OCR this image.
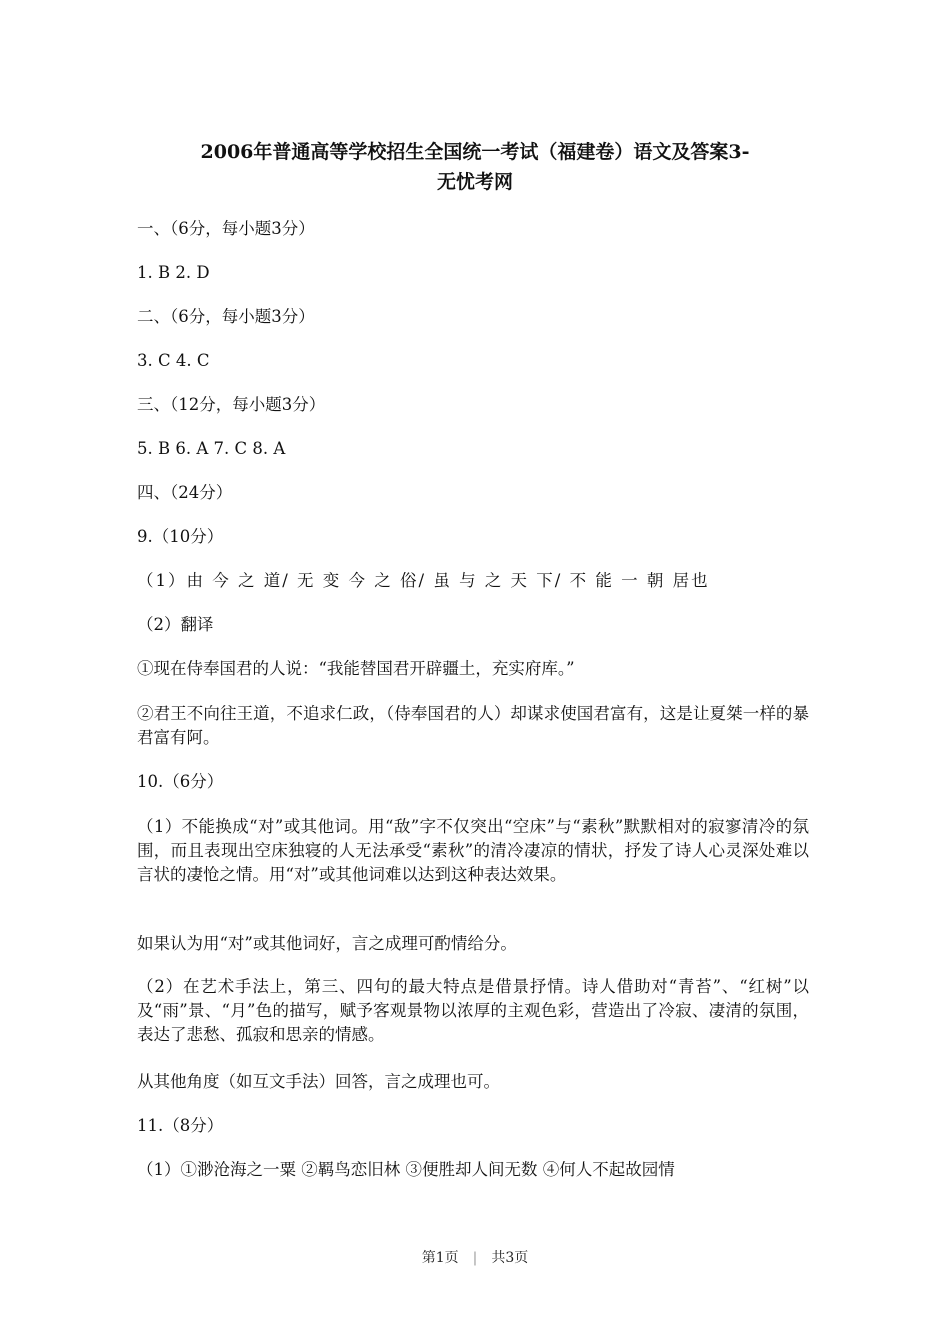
2006年普通高等学校招生全国统一考试（福建卷）语文及答案3-
无忧考网
一、（6分，每小题3分）
1. B 2. D
二、（6分，每小题3分）
3. C 4. C
三、（12分，每小题3分）
5. B 6. A 7. C 8. A
四、（24分）
9.（10分）
（1）由 今 之 道/ 无 变 今 之 俗/ 虽 与 之 天 下/ 不 能 一 朝 居也
（2）翻译
①现在侍奉国君的人说：“我能替国君开辟疆土，充实府库。”
②君王不向往王道，不追求仁政，（侍奉国君的人）却谋求使国君富有，这是让夏桀一样的暴君富有阿。
10.（6分）
（1）不能换成“对”或其他词。用“敌”字不仅突出“空床”与“素秋”默默相对的寂寥清冷的氛围，而且表现出空床独寝的人无法承受“素秋”的清冷凄凉的情状，抒发了诗人心灵深处难以言状的凄怆之情。用“对”或其他词难以达到这种表达效果。
如果认为用“对”或其他词好，言之成理可酌情给分。
（2）在艺术手法上，第三、四句的最大特点是借景抒情。诗人借助对“青苔”、“红树”以及“雨”景、“月”色的描写，赋予客观景物以浓厚的主观色彩，营造出了冷寂、凄清的氛围，表达了悲愁、孤寂和思亲的情感。
从其他角度（如互文手法）回答，言之成理也可。
11.（8分）
（1）①渺沧海之一粟 ②羁鸟恋旧林 ③便胜却人间无数 ④何人不起故园情
第1页 | 共3页
